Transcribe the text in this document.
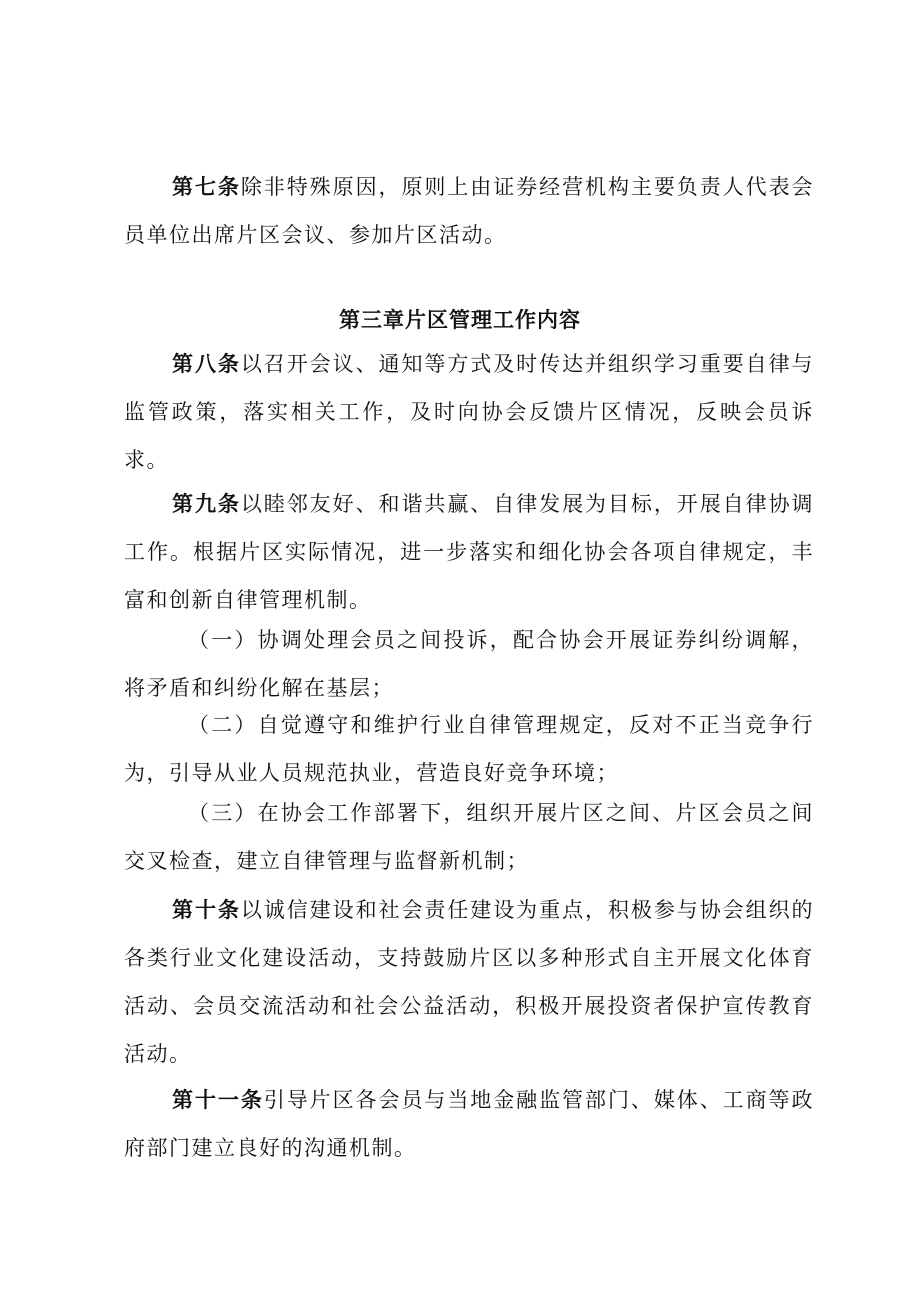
第七条除非特殊原因，原则上由证券经营机构主要负责人代表会员单位出席片区会议、参加片区活动。

第三章片区管理工作内容

第八条以召开会议、通知等方式及时传达并组织学习重要自律与监管政策，落实相关工作，及时向协会反馈片区情况，反映会员诉求。

第九条以睦邻友好、和谐共赢、自律发展为目标，开展自律协调工作。根据片区实际情况，进一步落实和细化协会各项自律规定，丰富和创新自律管理机制。

（一）协调处理会员之间投诉，配合协会开展证券纠纷调解，将矛盾和纠纷化解在基层；

（二）自觉遵守和维护行业自律管理规定，反对不正当竞争行为，引导从业人员规范执业，营造良好竞争环境；

（三）在协会工作部署下，组织开展片区之间、片区会员之间交叉检查，建立自律管理与监督新机制；

第十条以诚信建设和社会责任建设为重点，积极参与协会组织的各类行业文化建设活动，支持鼓励片区以多种形式自主开展文化体育活动、会员交流活动和社会公益活动，积极开展投资者保护宣传教育活动。

第十一条引导片区各会员与当地金融监管部门、媒体、工商等政府部门建立良好的沟通机制。
